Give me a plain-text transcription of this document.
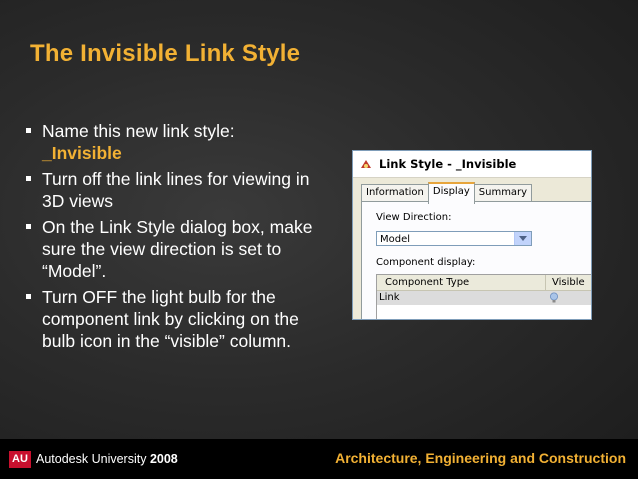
The Invisible Link Style
Name this new link style:
_Invisible
Turn off the link lines for viewing in 3D views
On the Link Style dialog box, make sure the view direction is set to “Model”.
Turn OFF the light bulb for the component link by clicking on the bulb icon in the “visible” column.
Link Style - _Invisible
Information Display Summary
View Direction:
Model
Component display:
Component Type	Visible
Link
AU Autodesk University 2008	Architecture, Engineering and Construction
